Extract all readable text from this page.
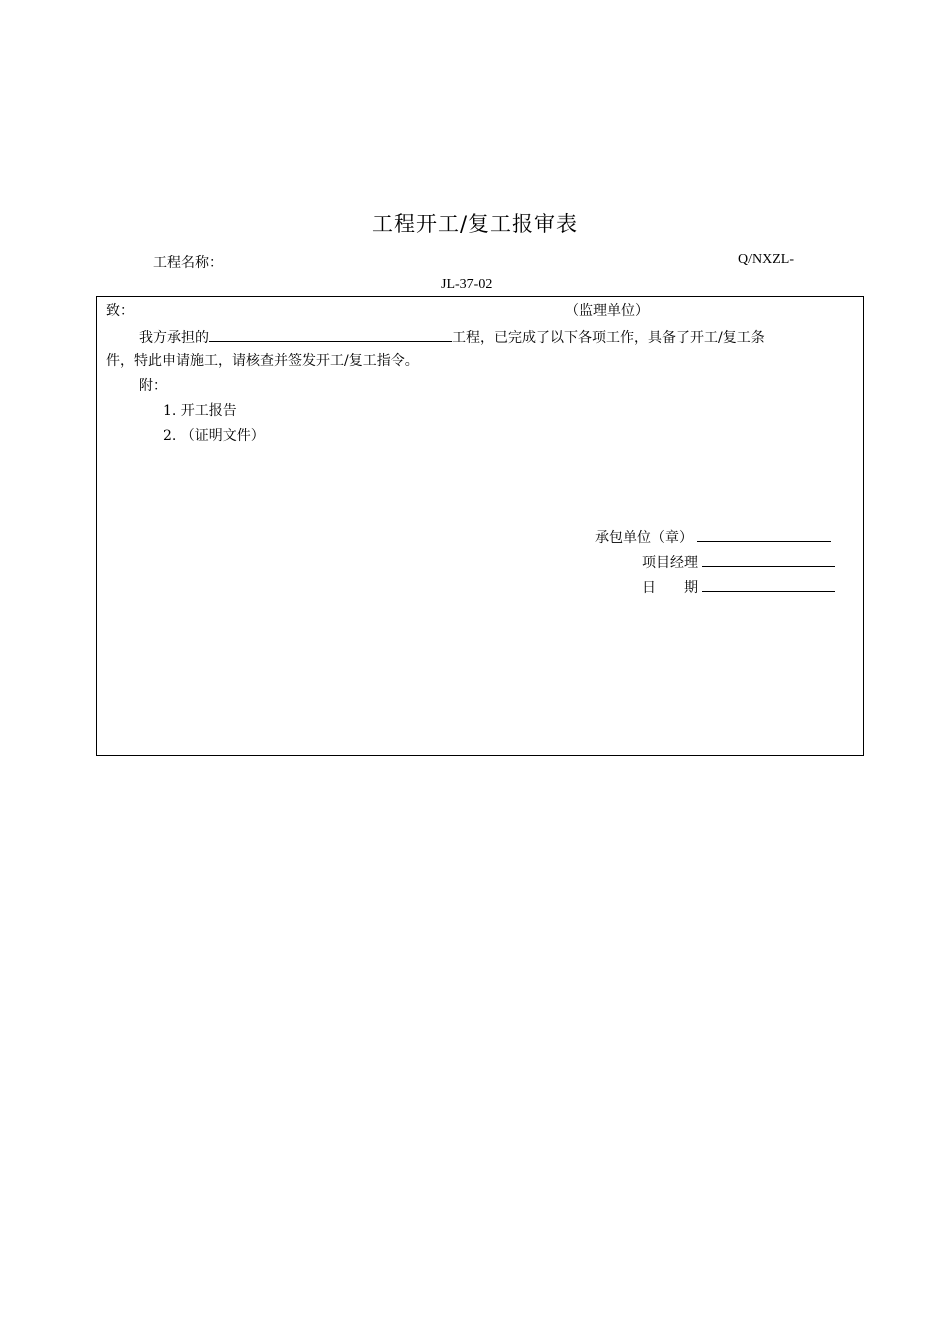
工程开工/复工报审表
工程名称：	Q/NXZL-
JL-37-02
致：	（监理单位）
我方承担的	工程，已完成了以下各项工作，具备了开工/复工条
件，特此申请施工，请核查并签发开工/复工指令。
附：
1. 开工报告
2. （证明文件）
承包单位（章）
项目经理
日　　期
